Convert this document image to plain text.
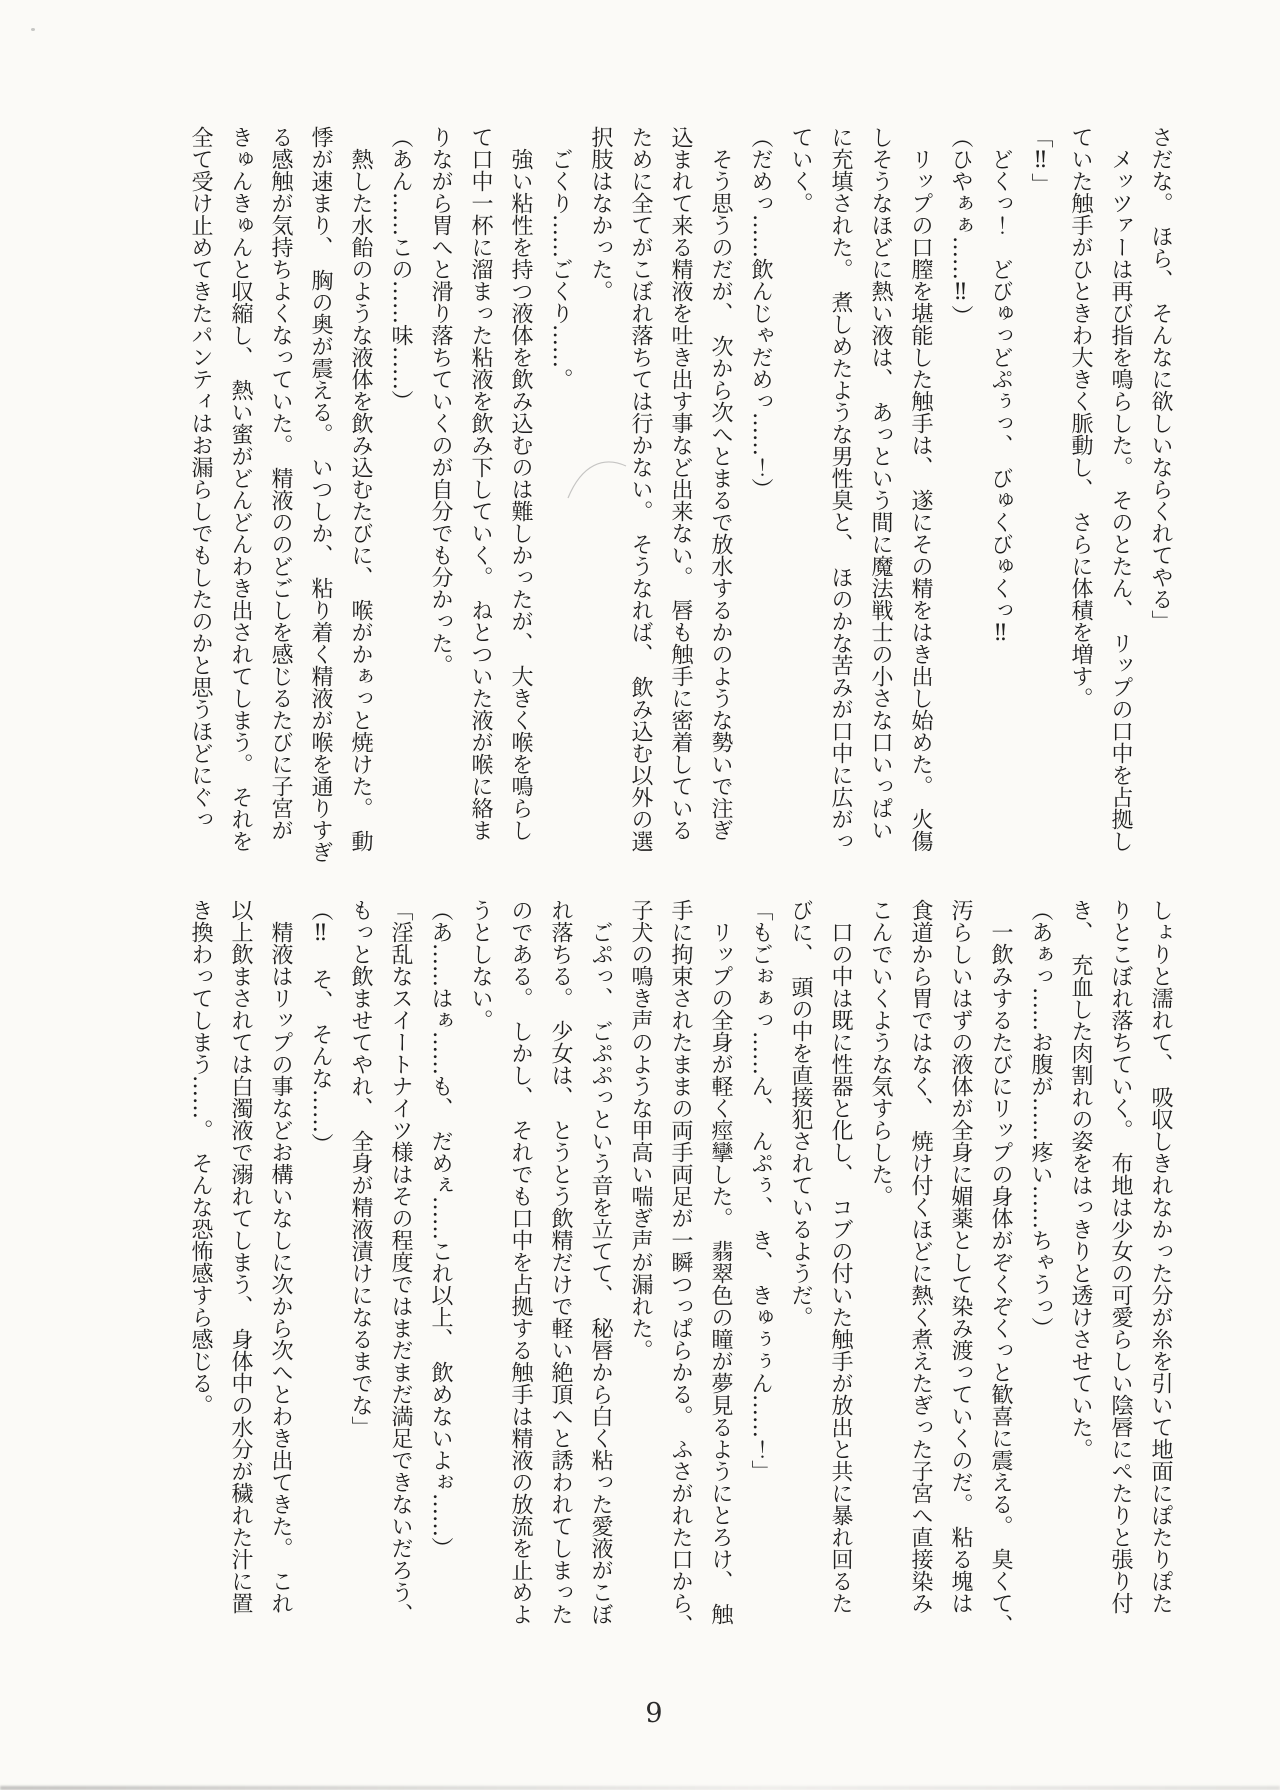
さだな。　ほら、　そんなに欲しいならくれてやる」

　メッツァーは再び指を鳴らした。　そのとたん、　リップの口中を占拠し

ていた触手がひときわ大きく脈動し、　さらに体積を増す。

「‼」

　どくっ！　どびゅっどぷぅっ、　びゅくびゅくっ‼

（ひやぁぁ……‼）

　リップの口膣を堪能した触手は、　遂にその精をはき出し始めた。　火傷

しそうなほどに熱い液は、　あっという間に魔法戦士の小さな口いっぱい

に充填された。　煮しめたような男性臭と、　ほのかな苦みが口中に広がっ

ていく。

（だめっ……飲んじゃだめっ……！）

　そう思うのだが、　次から次へとまるで放水するかのような勢いで注ぎ

込まれて来る精液を吐き出す事など出来ない。　唇も触手に密着している

ために全てがこぼれ落ちては行かない。　そうなれば、　飲み込む以外の選

択肢はなかった。

　ごくり……ごくり……。

　強い粘性を持つ液体を飲み込むのは難しかったが、　大きく喉を鳴らし

て口中一杯に溜まった粘液を飲み下していく。　ねとついた液が喉に絡ま

りながら胃へと滑り落ちていくのが自分でも分かった。

（あん……この……味……）

　熱した水飴のような液体を飲み込むたびに、　喉がかぁっと焼けた。　動

悸が速まり、　胸の奥が震える。　いつしか、　粘り着く精液が喉を通りすぎ

る感触が気持ちよくなっていた。　精液ののどごしを感じるたびに子宮が

きゅんきゅんと収縮し、　熱い蜜がどんどんわき出されてしまう。　それを

全て受け止めてきたパンティはお漏らしでもしたのかと思うほどにぐっ

しょりと濡れて、　吸収しきれなかった分が糸を引いて地面にぽたりぽた

りとこぼれ落ちていく。　布地は少女の可愛らしい陰唇にぺたりと張り付

き、　充血した肉割れの姿をはっきりと透けさせていた。

（あぁっ……お腹が……疼い……ちゃうっ）

　一飲みするたびにリップの身体がぞくぞくっと歓喜に震える。　臭くて、

汚らしいはずの液体が全身に媚薬として染み渡っていくのだ。　粘る塊は

食道から胃ではなく、　焼け付くほどに熱く煮えたぎった子宮へ直接染み

こんでいくような気すらした。

　口の中は既に性器と化し、　コブの付いた触手が放出と共に暴れ回るた

びに、　頭の中を直接犯されているようだ。

「もごぉぁっ……ん、　んぷぅ、　き、　きゅぅぅん……！」

　リップの全身が軽く痙攣した。　翡翠色の瞳が夢見るようにとろけ、　触

手に拘束されたままの両手両足が一瞬つっぱらかる。　ふさがれた口から、

子犬の鳴き声のような甲高い喘ぎ声が漏れた。

　ごぷっ、　ごぷぷっという音を立てて、　秘唇から白く粘った愛液がこぼ

れ落ちる。　少女は、　とうとう飲精だけで軽い絶頂へと誘われてしまった

のである。　しかし、　それでも口中を占拠する触手は精液の放流を止めよ

うとしない。

（あ……はぁ……も、　だめぇ……これ以上、　飲めないよぉ……）

「淫乱なスイートナイツ様はその程度ではまだまだ満足できないだろう、

もっと飲ませてやれ、　全身が精液漬けになるまでな」

（‼　そ、　そんな……）

　精液はリップの事などお構いなしに次から次へとわき出てきた。　これ

以上飲まされては白濁液で溺れてしまう、　身体中の水分が穢れた汁に置

き換わってしまう……。　そんな恐怖感すら感じる。

9
